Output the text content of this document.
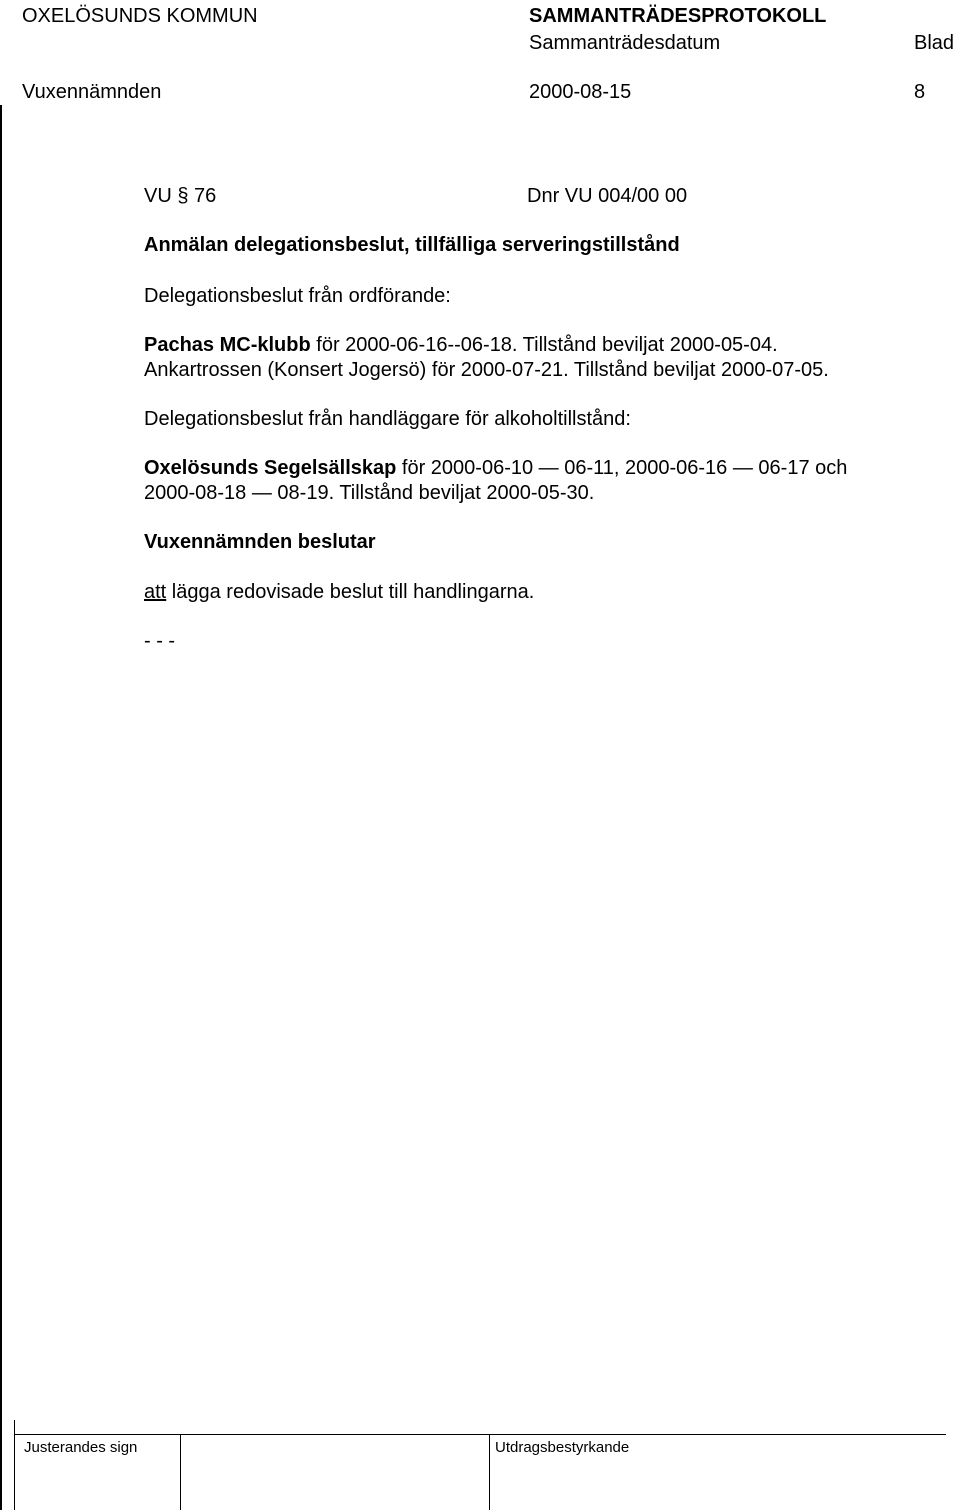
OXELÖSUNDS KOMMUN	SAMMANTRÄDESPROTOKOLL
Sammanträdesdatum	Blad
Vuxennämnden	2000-08-15	8
VU § 76	Dnr VU 004/00 00
Anmälan delegationsbeslut, tillfälliga serveringstillstånd
Delegationsbeslut från ordförande:
Pachas MC-klubb för 2000-06-16--06-18. Tillstånd beviljat 2000-05-04.
Ankartrossen (Konsert Jogersö) för 2000-07-21. Tillstånd beviljat 2000-07-05.
Delegationsbeslut från handläggare för alkoholtillstånd:
Oxelösunds Segelsällskap för 2000-06-10 — 06-11, 2000-06-16 — 06-17 och
2000-08-18 — 08-19. Tillstånd beviljat 2000-05-30.
Vuxennämnden beslutar
att lägga redovisade beslut till handlingarna.
- - -
Justerandes sign	Utdragsbestyrkande
